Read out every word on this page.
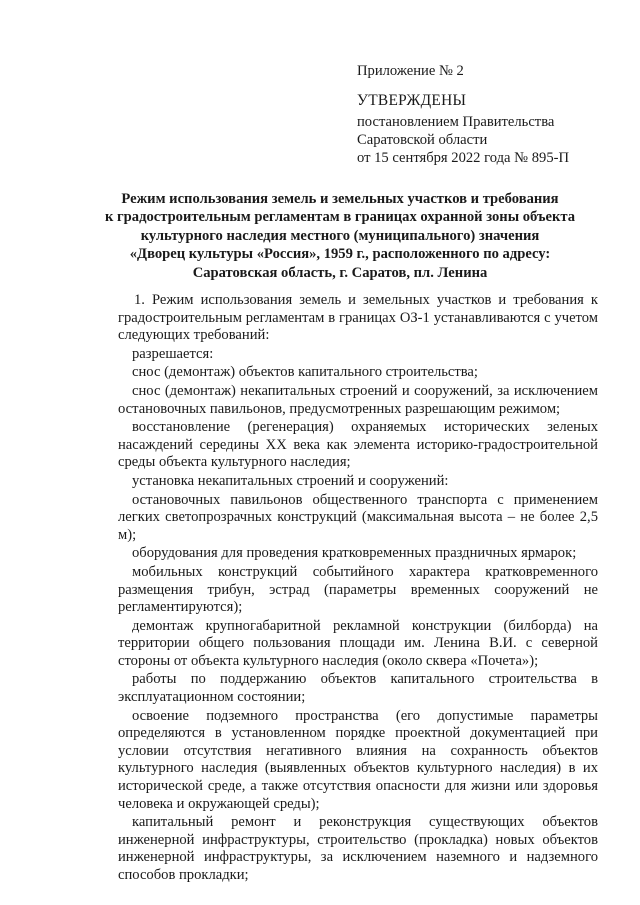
Приложение № 2
УТВЕРЖДЕНЫ
постановлением Правительства
Саратовской области
от 15 сентября 2022 года № 895-П
Режим использования земель и земельных участков и требования
к градостроительным регламентам в границах охранной зоны объекта
культурного наследия местного (муниципального) значения
«Дворец культуры «Россия», 1959 г., расположенного по адресу:
Саратовская область, г. Саратов, пл. Ленина

1. Режим использования земель и земельных участков и требования к градостроительным регламентам в границах ОЗ-1 устанавливаются с учетом следующих требований:

разрешается:

снос (демонтаж) объектов капитального строительства;

снос (демонтаж) некапитальных строений и сооружений, за исключением остановочных павильонов, предусмотренных разрешающим режимом;

восстановление (регенерация) охраняемых исторических зеленых насаждений середины XX века как элемента историко-градостроительной среды объекта культурного наследия;

установка некапитальных строений и сооружений:

остановочных павильонов общественного транспорта с применением легких светопрозрачных конструкций (максимальная высота – не более 2,5 м);

оборудования для проведения кратковременных праздничных ярмарок;

мобильных конструкций событийного характера кратковременного размещения трибун, эстрад (параметры временных сооружений не регламентируются);

демонтаж крупногабаритной рекламной конструкции (билборда) на территории общего пользования площади им. Ленина В.И. с северной стороны от объекта культурного наследия (около сквера «Почета»);

работы по поддержанию объектов капитального строительства в эксплуатационном состоянии;

освоение подземного пространства (его допустимые параметры определяются в установленном порядке проектной документацией при условии отсутствия негативного влияния на сохранность объектов культурного наследия (выявленных объектов культурного наследия) в их исторической среде, а также отсутствия опасности для жизни или здоровья человека и окружающей среды);

капитальный ремонт и реконструкция существующих объектов инженерной инфраструктуры, строительство (прокладка) новых объектов инженерной инфраструктуры, за исключением наземного и надземного способов прокладки;
